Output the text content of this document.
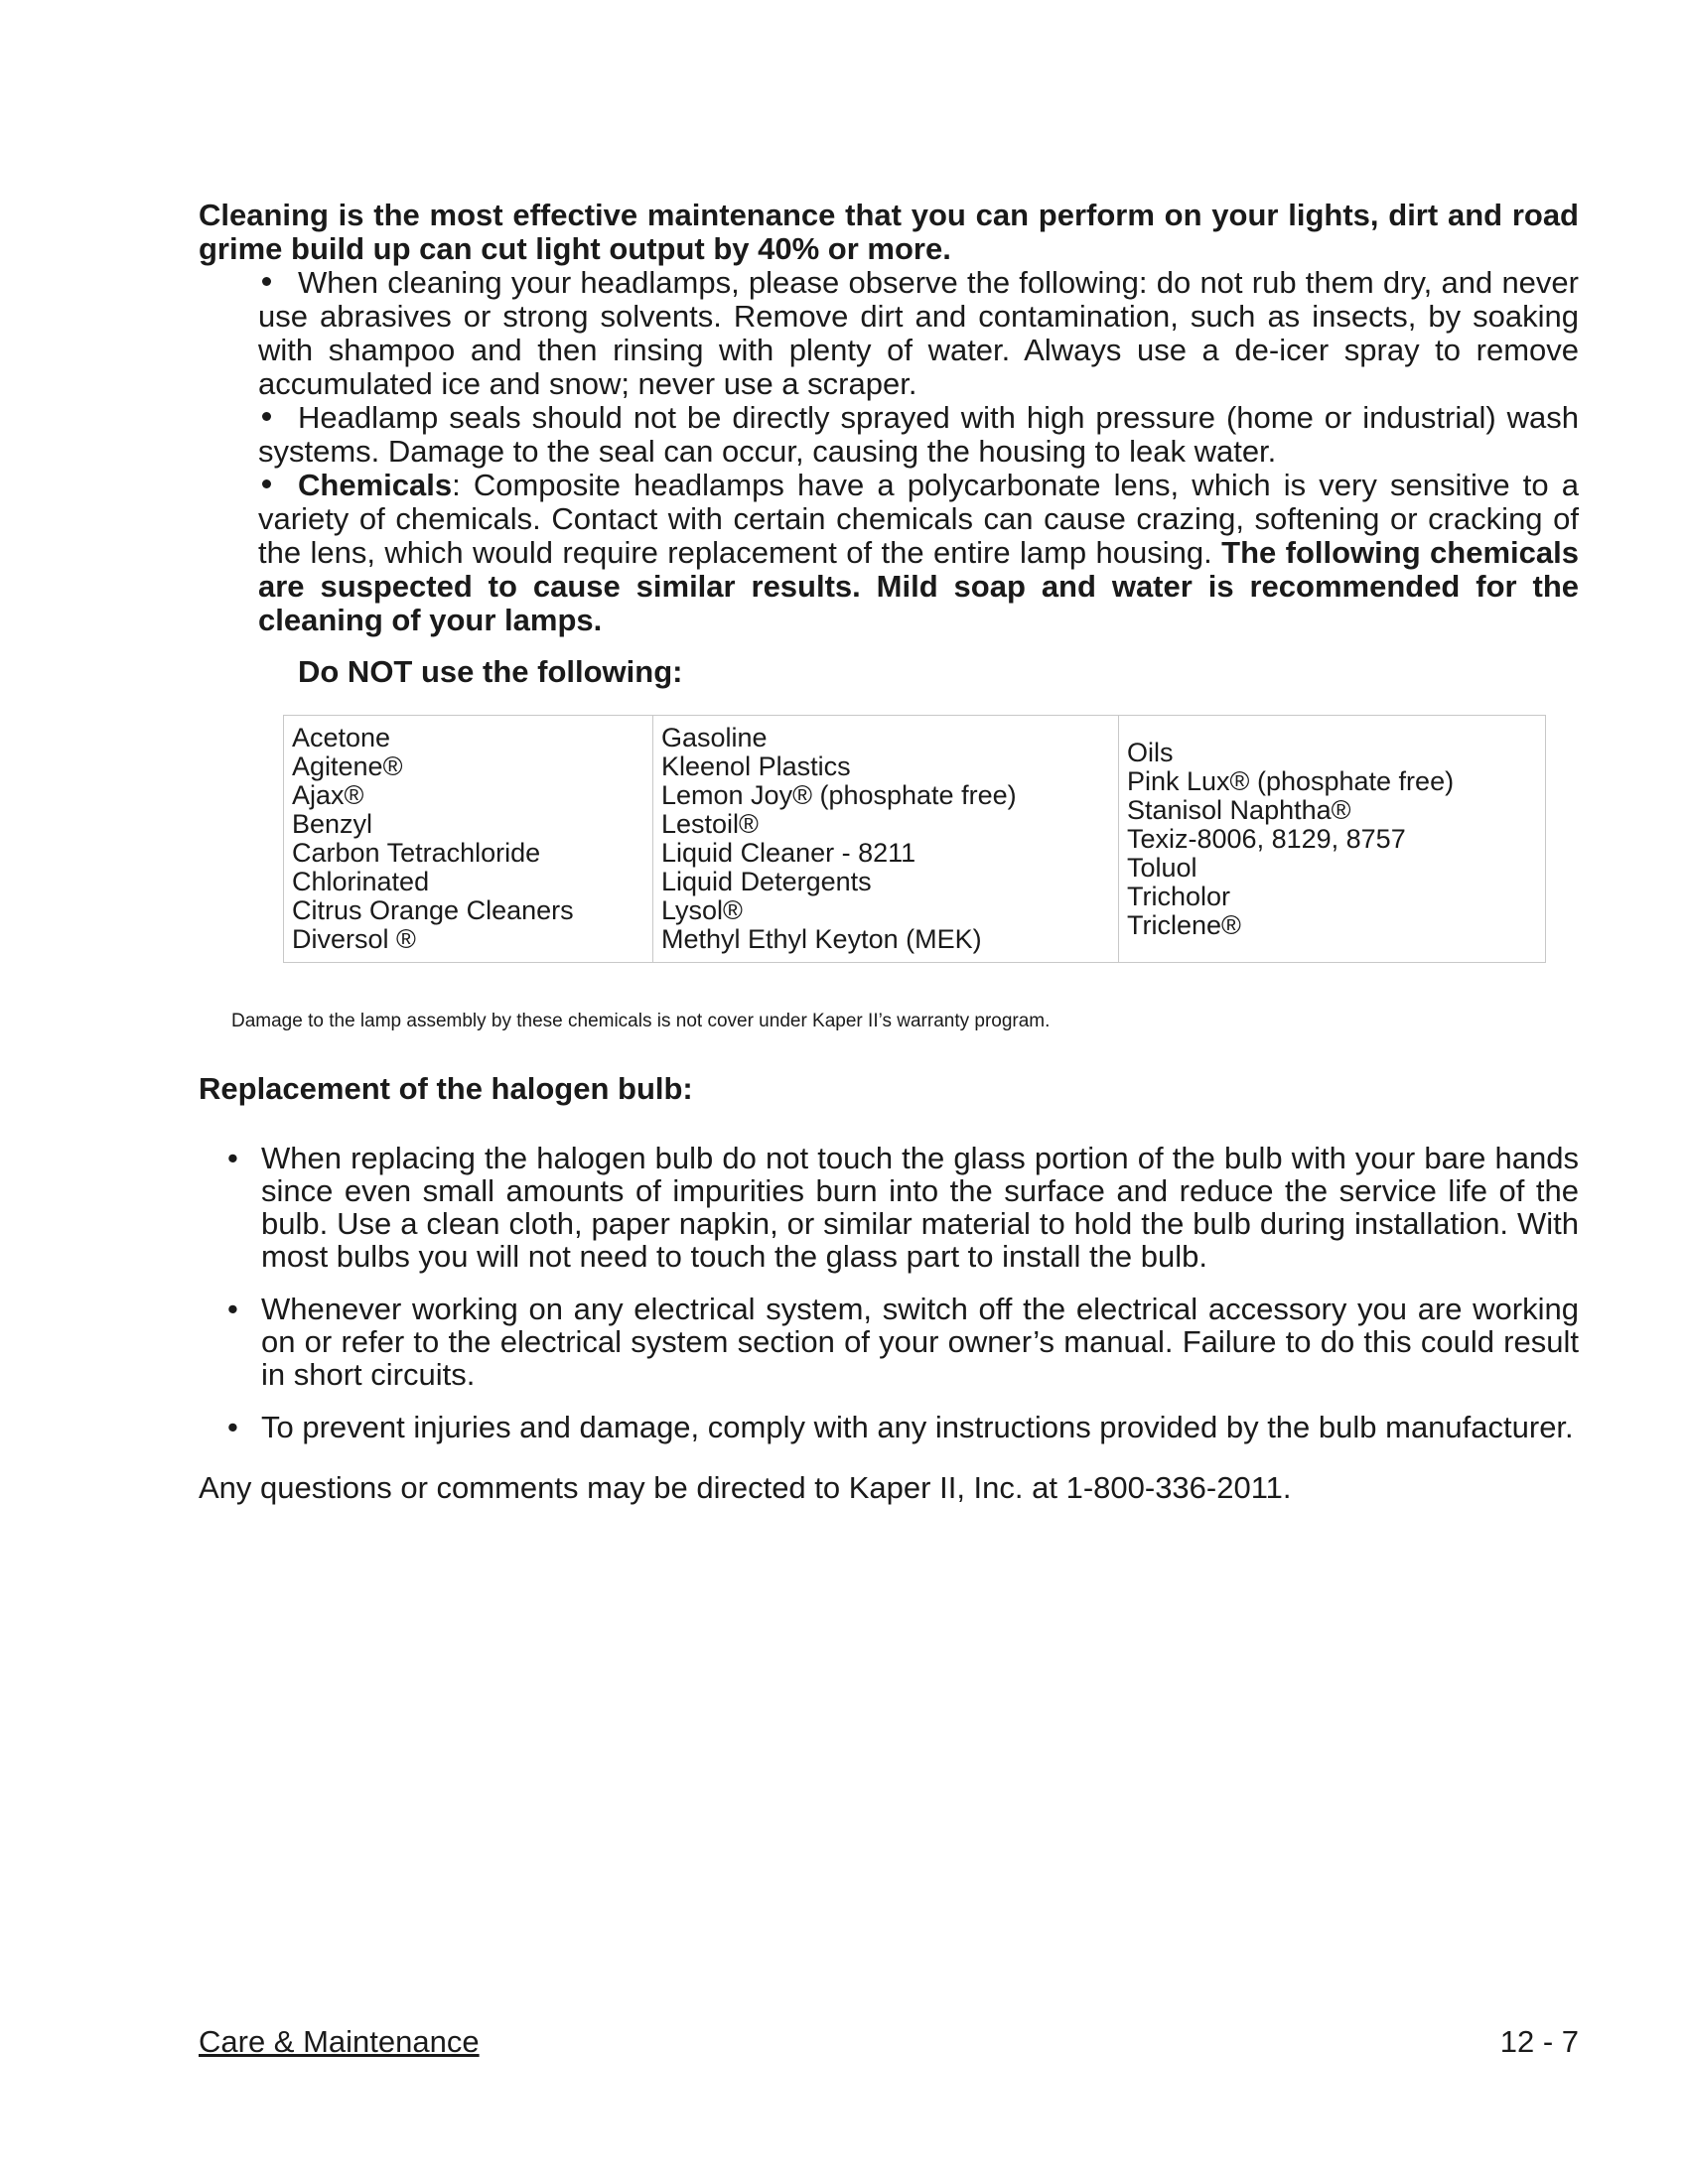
Cleaning is the most effective maintenance that you can perform on your lights, dirt and road grime build up can cut light output by 40% or more.

When cleaning your headlamps, please observe the following: do not rub them dry, and never use abrasives or strong solvents. Remove dirt and contamination, such as insects, by soaking with shampoo and then rinsing with plenty of water. Always use a de-icer spray to remove accumulated ice and snow; never use a scraper.

Headlamp seals should not be directly sprayed with high pressure (home or industrial) wash systems. Damage to the seal can occur, causing the housing to leak water.

Chemicals: Composite headlamps have a polycarbonate lens, which is very sensitive to a variety of chemicals. Contact with certain chemicals can cause crazing, softening or cracking of the lens, which would require replacement of the entire lamp housing. The following chemicals are suspected to cause similar results. Mild soap and water is recommended for the cleaning of your lamps.

Do NOT use the following:

Acetone
Agitene®
Ajax®
Benzyl
Carbon Tetrachloride
Chlorinated
Citrus Orange Cleaners
Diversol ®

Gasoline
Kleenol Plastics
Lemon Joy® (phosphate free)
Lestoil®
Liquid Cleaner - 8211
Liquid Detergents
Lysol®
Methyl Ethyl Keyton (MEK)

Oils
Pink Lux® (phosphate free)
Stanisol Naphtha®
Texiz-8006, 8129, 8757
Toluol
Tricholor
Triclene®

Damage to the lamp assembly by these chemicals is not cover under Kaper II’s warranty program.

Replacement of the halogen bulb:

• When replacing the halogen bulb do not touch the glass portion of the bulb with your bare hands since even small amounts of impurities burn into the surface and reduce the service life of the bulb. Use a clean cloth, paper napkin, or similar material to hold the bulb during installation. With most bulbs you will not need to touch the glass part to install the bulb.
• Whenever working on any electrical system, switch off the electrical accessory you are working on or refer to the electrical system section of your owner’s manual. Failure to do this could result in short circuits.
• To prevent injuries and damage, comply with any instructions provided by the bulb manufacturer.

Any questions or comments may be directed to Kaper II, Inc. at 1-800-336-2011.

Care & Maintenance	12 - 7
